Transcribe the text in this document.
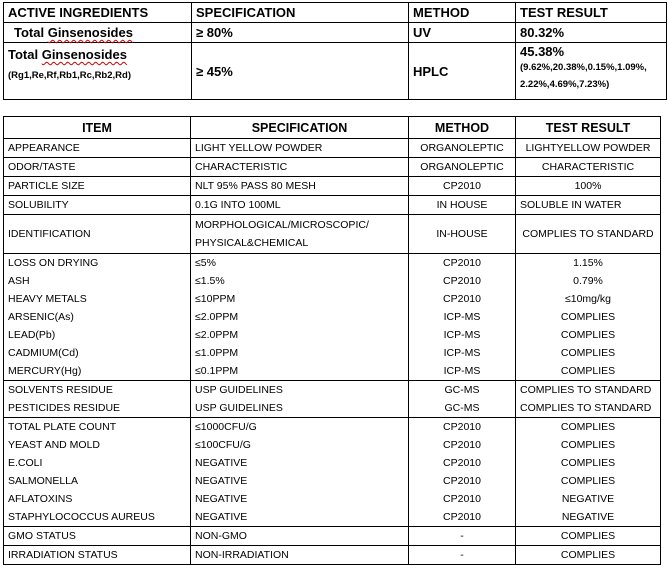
ACTIVE INGREDIENTS	SPECIFICATION	METHOD	TEST RESULT
Total Ginsenosides	≥ 80%	UV	80.32%
Total Ginsenosides
(Rg1,Re,Rf,Rb1,Rc,Rb2,Rd)	≥ 45%	HPLC	45.38%
(9.62%,20.38%,0.15%,1.09%, 2.22%,4.69%,7.23%)
ITEM	SPECIFICATION	METHOD	TEST RESULT
APPEARANCE	LIGHT YELLOW POWDER	ORGANOLEPTIC	LIGHTYELLOW POWDER
ODOR/TASTE	CHARACTERISTIC	ORGANOLEPTIC	CHARACTERISTIC
PARTICLE SIZE	NLT 95% PASS 80 MESH	CP2010	100%
SOLUBILITY	0.1G INTO 100ML	IN HOUSE	SOLUBLE IN WATER
IDENTIFICATION	MORPHOLOGICAL/MICROSCOPIC/ PHYSICAL&CHEMICAL	IN-HOUSE	COMPLIES TO STANDARD
LOSS ON DRYING	≤5%	CP2010	1.15%
ASH	≤1.5%	CP2010	0.79%
HEAVY METALS	≤10PPM	CP2010	≤10mg/kg
ARSENIC(As)	≤2.0PPM	ICP-MS	COMPLIES
LEAD(Pb)	≤2.0PPM	ICP-MS	COMPLIES
CADMIUM(Cd)	≤1.0PPM	ICP-MS	COMPLIES
MERCURY(Hg)	≤0.1PPM	ICP-MS	COMPLIES
SOLVENTS RESIDUE	USP GUIDELINES	GC-MS	COMPLIES TO STANDARD
PESTICIDES RESIDUE	USP GUIDELINES	GC-MS	COMPLIES TO STANDARD
TOTAL PLATE COUNT	≤1000CFU/G	CP2010	COMPLIES
YEAST AND MOLD	≤100CFU/G	CP2010	COMPLIES
E.COLI	NEGATIVE	CP2010	COMPLIES
SALMONELLA	NEGATIVE	CP2010	COMPLIES
AFLATOXINS	NEGATIVE	CP2010	NEGATIVE
STAPHYLOCOCCUS AUREUS	NEGATIVE	CP2010	NEGATIVE
GMO STATUS	NON-GMO	-	COMPLIES
IRRADIATION STATUS	NON-IRRADIATION	-	COMPLIES
